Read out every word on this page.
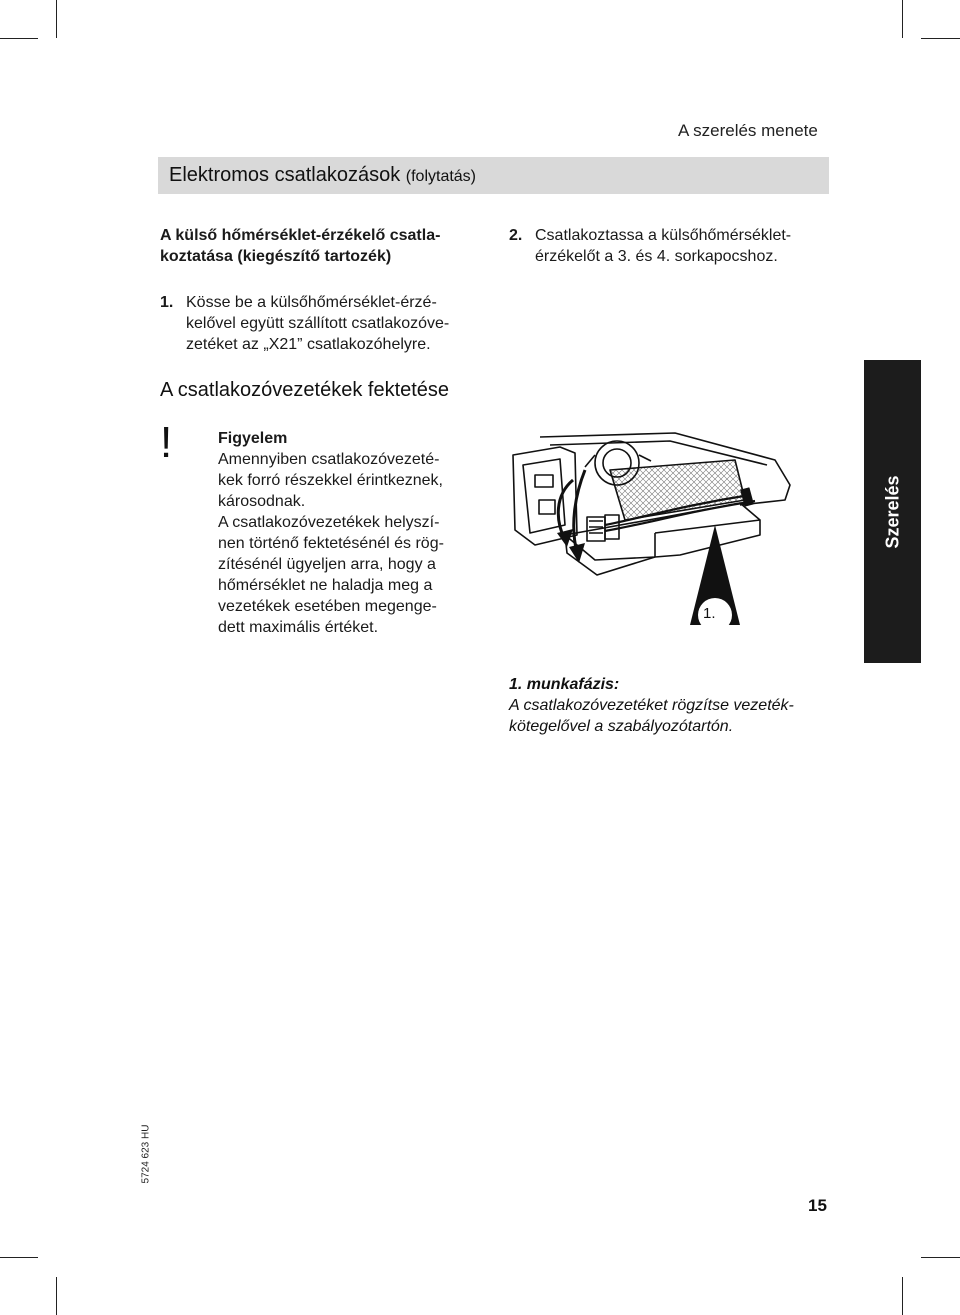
A szerelés menete
Elektromos csatlakozások (folytatás)
A külső hőmérséklet-érzékelő csatla-
koztatása (kiegészítő tartozék)
1. Kösse be a külsőhőmérséklet-érzé-
kelővel együtt szállított csatlakozóve-
zetéket az „X21” csatlakozóhelyre.
2. Csatlakoztassa a külsőhőmérséklet-
érzékelőt a 3. és 4. sorkapocshoz.
A csatlakozóvezetékek fektetése
!	Figyelem
Amennyiben csatlakozóvezeté-
kek forró részekkel érintkeznek,
károsodnak.
A csatlakozóvezetékek helyszí-
nen történő fektetésénél és rög-
zítésénél ügyeljen arra, hogy a
hőmérséklet ne haladja meg a
vezetékek esetében megenge-
dett maximális értéket.
1.
1. munkafázis:
A csatlakozóvezetéket rögzítse vezeték-
kötegelővel a szabályozótartón.
Szerelés
5724 623 HU
15
